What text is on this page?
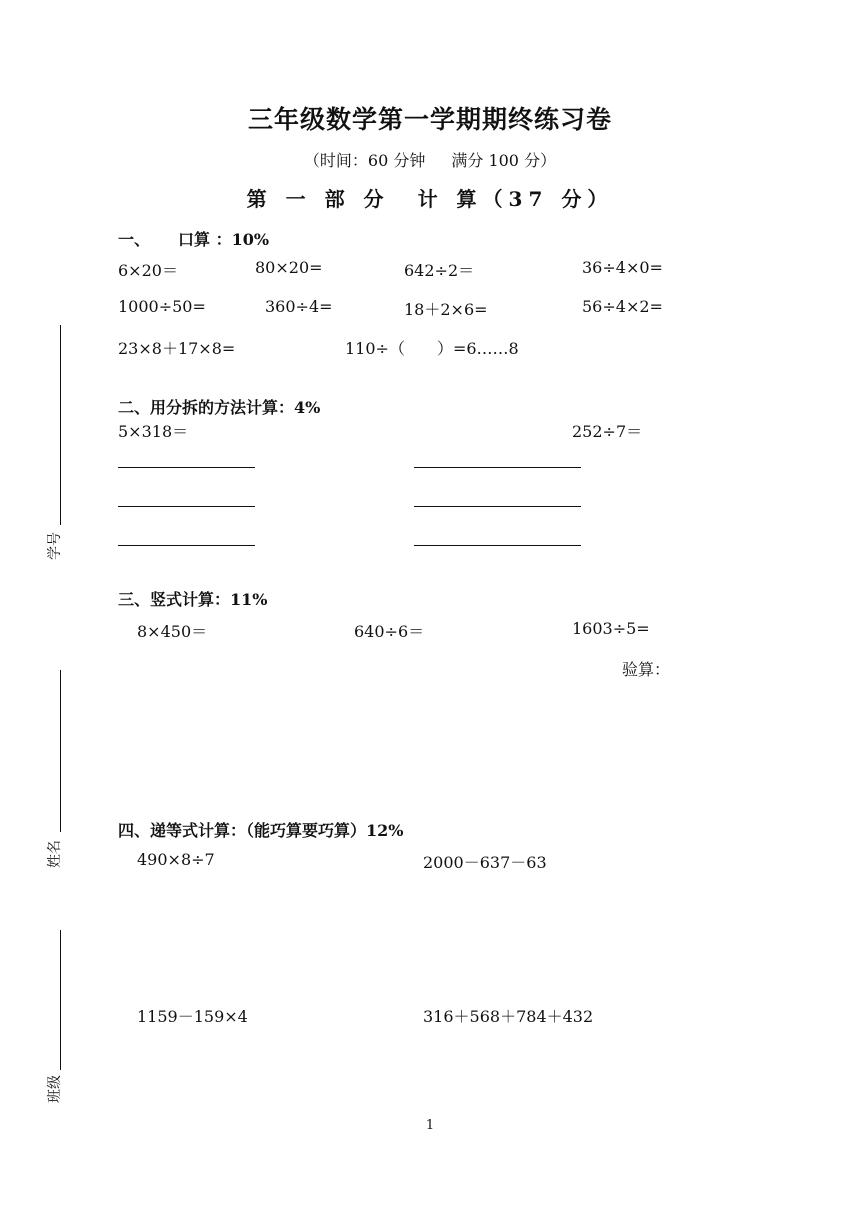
学号
姓名
班级
三年级数学第一学期期终练习卷
（时间：60 分钟 满分 100 分）
第 一 部 分 计 算（37 分）
一、 口算 ：10%
6×20＝	80×20=	642÷2＝	36÷4×0=
1000÷50=	360÷4=	18＋2×6=	56÷4×2=
23×8＋17×8=	110÷（　　）=6……8
二、用分拆的方法计算：4%
5×318＝	252÷7＝
三、竖式计算：11%
8×450＝	640÷6＝	1603÷5=
验算：
四、递等式计算：（能巧算要巧算）12%
490×8÷7	2000－637－63
1159－159×4	316＋568＋784＋432
1
